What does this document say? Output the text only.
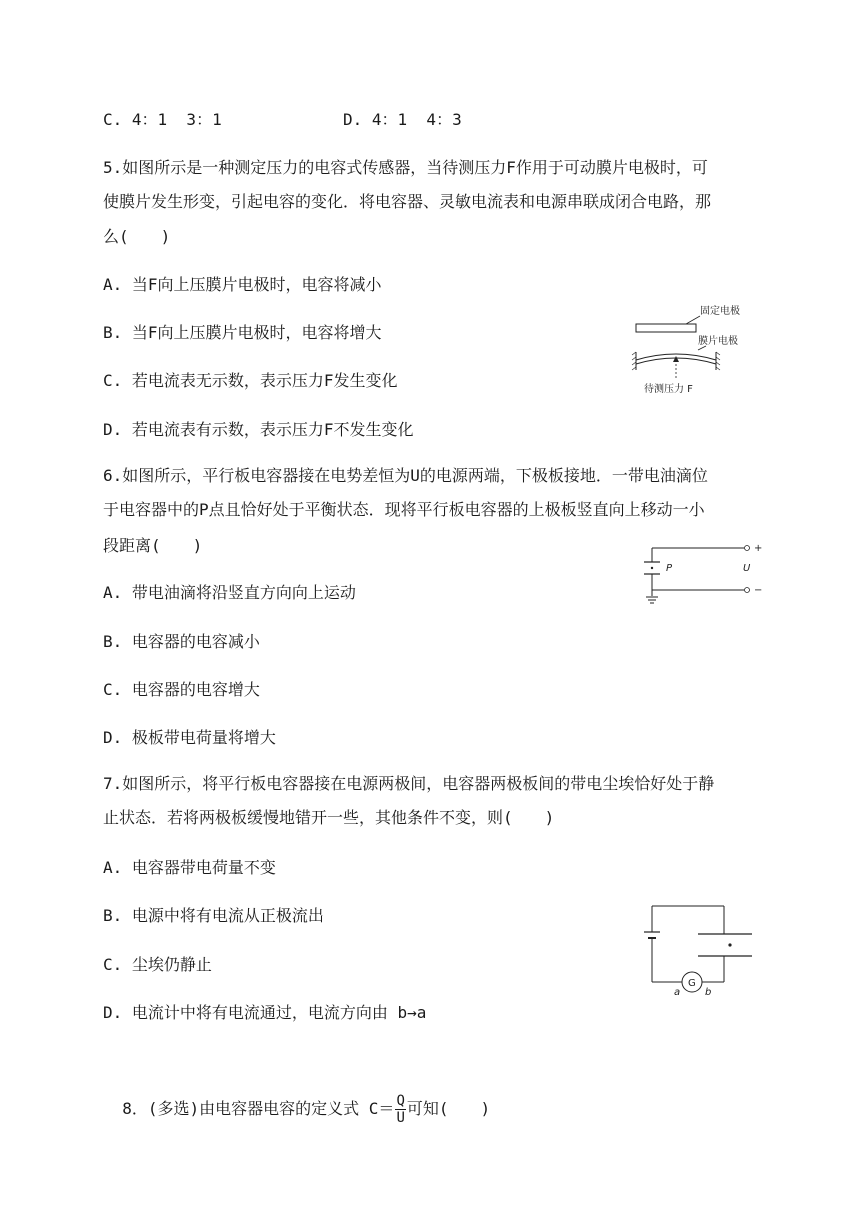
C. 4：1  3：1	D. 4：1  4：3
5.如图所示是一种测定压力的电容式传感器，当待测压力F作用于可动膜片电极时，可
使膜片发生形变，引起电容的变化．将电容器、灵敏电流表和电源串联成闭合电路，那
么(　　)
A. 当F向上压膜片电极时，电容将减小
B. 当F向上压膜片电极时，电容将增大
C. 若电流表无示数，表示压力F发生变化
D. 若电流表有示数，表示压力F不发生变化
固定电极
膜片电极
待测压力 F
6.如图所示，平行板电容器接在电势差恒为U的电源两端，下极板接地．一带电油滴位
于电容器中的P点且恰好处于平衡状态．现将平行板电容器的上极板竖直向上移动一小
段距离(　　)
A. 带电油滴将沿竖直方向向上运动
B. 电容器的电容减小
C. 电容器的电容增大
D. 极板带电荷量将增大
+
−
P	U
7.如图所示，将平行板电容器接在电源两极间，电容器两极板间的带电尘埃恰好处于静
止状态．若将两极板缓慢地错开一些，其他条件不变，则(　　)
A. 电容器带电荷量不变
B. 电源中将有电流从正极流出
C. 尘埃仍静止
D. 电流计中将有电流通过，电流方向由 b→a
G
a b

8．(多选)由电容器电容的定义式 $C= \frac{Q}{U}$ 可知(　　)
